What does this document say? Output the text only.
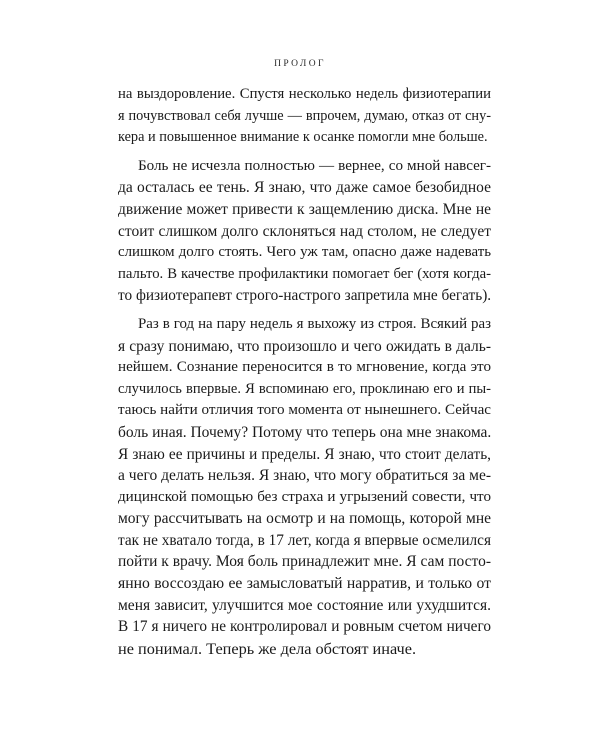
ПРОЛОГ
на выздоровление. Спустя несколько недель физиотерапии
я почувствовал себя лучше — впрочем, думаю, отказ от сну-
кера и повышенное внимание к осанке помогли мне больше.
Боль не исчезла полностью — вернее, со мной навсег-
да осталась ее тень. Я знаю, что даже самое безобидное
движение может привести к защемлению диска. Мне не
стоит слишком долго склоняться над столом, не следует
слишком долго стоять. Чего уж там, опасно даже надевать
пальто. В качестве профилактики помогает бег (хотя когда-
то физиотерапевт строго-настрого запретила мне бегать).
Раз в год на пару недель я выхожу из строя. Всякий раз
я сразу понимаю, что произошло и чего ожидать в даль-
нейшем. Сознание переносится в то мгновение, когда это
случилось впервые. Я вспоминаю его, проклинаю его и пы-
таюсь найти отличия того момента от нынешнего. Сейчас
боль иная. Почему? Потому что теперь она мне знакома.
Я знаю ее причины и пределы. Я знаю, что стоит делать,
а чего делать нельзя. Я знаю, что могу обратиться за ме-
дицинской помощью без страха и угрызений совести, что
могу рассчитывать на осмотр и на помощь, которой мне
так не хватало тогда, в 17 лет, когда я впервые осмелился
пойти к врачу. Моя боль принадлежит мне. Я сам посто-
янно воссоздаю ее замысловатый нарратив, и только от
меня зависит, улучшится мое состояние или ухудшится.
В 17 я ничего не контролировал и ровным счетом ничего
не понимал. Теперь же дела обстоят иначе.
